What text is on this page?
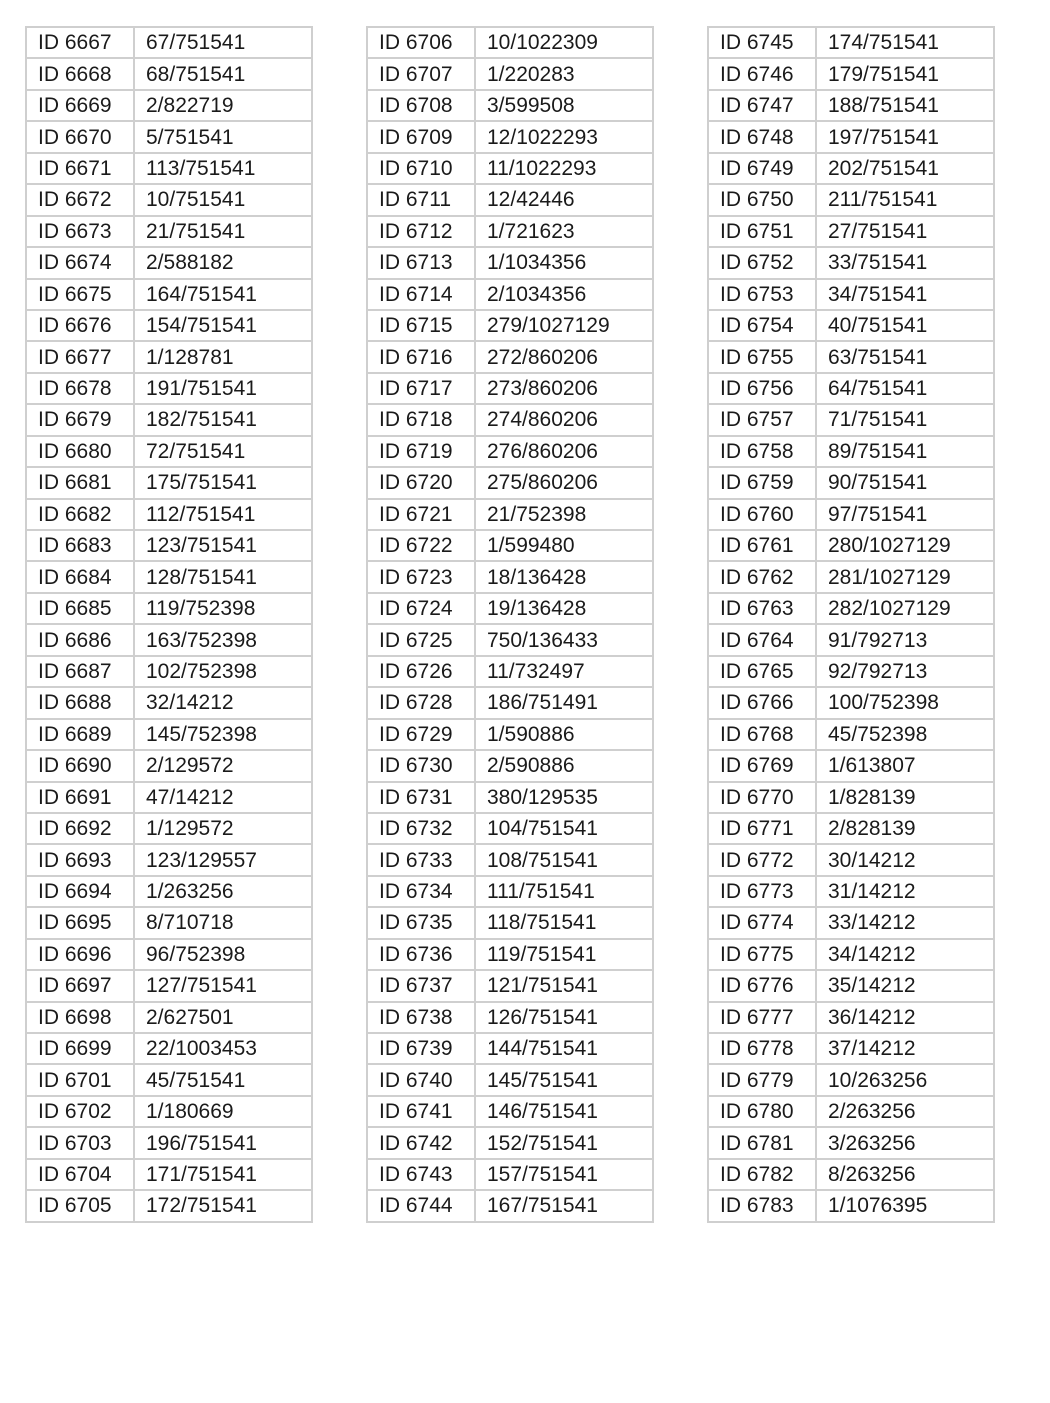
ID 6667	67/751541
ID 6668	68/751541
ID 6669	2/822719
ID 6670	5/751541
ID 6671	113/751541
ID 6672	10/751541
ID 6673	21/751541
ID 6674	2/588182
ID 6675	164/751541
ID 6676	154/751541
ID 6677	1/128781
ID 6678	191/751541
ID 6679	182/751541
ID 6680	72/751541
ID 6681	175/751541
ID 6682	112/751541
ID 6683	123/751541
ID 6684	128/751541
ID 6685	119/752398
ID 6686	163/752398
ID 6687	102/752398
ID 6688	32/14212
ID 6689	145/752398
ID 6690	2/129572
ID 6691	47/14212
ID 6692	1/129572
ID 6693	123/129557
ID 6694	1/263256
ID 6695	8/710718
ID 6696	96/752398
ID 6697	127/751541
ID 6698	2/627501
ID 6699	22/1003453
ID 6701	45/751541
ID 6702	1/180669
ID 6703	196/751541
ID 6704	171/751541
ID 6705	172/751541
ID 6706	10/1022309
ID 6707	1/220283
ID 6708	3/599508
ID 6709	12/1022293
ID 6710	11/1022293
ID 6711	12/42446
ID 6712	1/721623
ID 6713	1/1034356
ID 6714	2/1034356
ID 6715	279/1027129
ID 6716	272/860206
ID 6717	273/860206
ID 6718	274/860206
ID 6719	276/860206
ID 6720	275/860206
ID 6721	21/752398
ID 6722	1/599480
ID 6723	18/136428
ID 6724	19/136428
ID 6725	750/136433
ID 6726	11/732497
ID 6728	186/751491
ID 6729	1/590886
ID 6730	2/590886
ID 6731	380/129535
ID 6732	104/751541
ID 6733	108/751541
ID 6734	111/751541
ID 6735	118/751541
ID 6736	119/751541
ID 6737	121/751541
ID 6738	126/751541
ID 6739	144/751541
ID 6740	145/751541
ID 6741	146/751541
ID 6742	152/751541
ID 6743	157/751541
ID 6744	167/751541
ID 6745	174/751541
ID 6746	179/751541
ID 6747	188/751541
ID 6748	197/751541
ID 6749	202/751541
ID 6750	211/751541
ID 6751	27/751541
ID 6752	33/751541
ID 6753	34/751541
ID 6754	40/751541
ID 6755	63/751541
ID 6756	64/751541
ID 6757	71/751541
ID 6758	89/751541
ID 6759	90/751541
ID 6760	97/751541
ID 6761	280/1027129
ID 6762	281/1027129
ID 6763	282/1027129
ID 6764	91/792713
ID 6765	92/792713
ID 6766	100/752398
ID 6768	45/752398
ID 6769	1/613807
ID 6770	1/828139
ID 6771	2/828139
ID 6772	30/14212
ID 6773	31/14212
ID 6774	33/14212
ID 6775	34/14212
ID 6776	35/14212
ID 6777	36/14212
ID 6778	37/14212
ID 6779	10/263256
ID 6780	2/263256
ID 6781	3/263256
ID 6782	8/263256
ID 6783	1/1076395
